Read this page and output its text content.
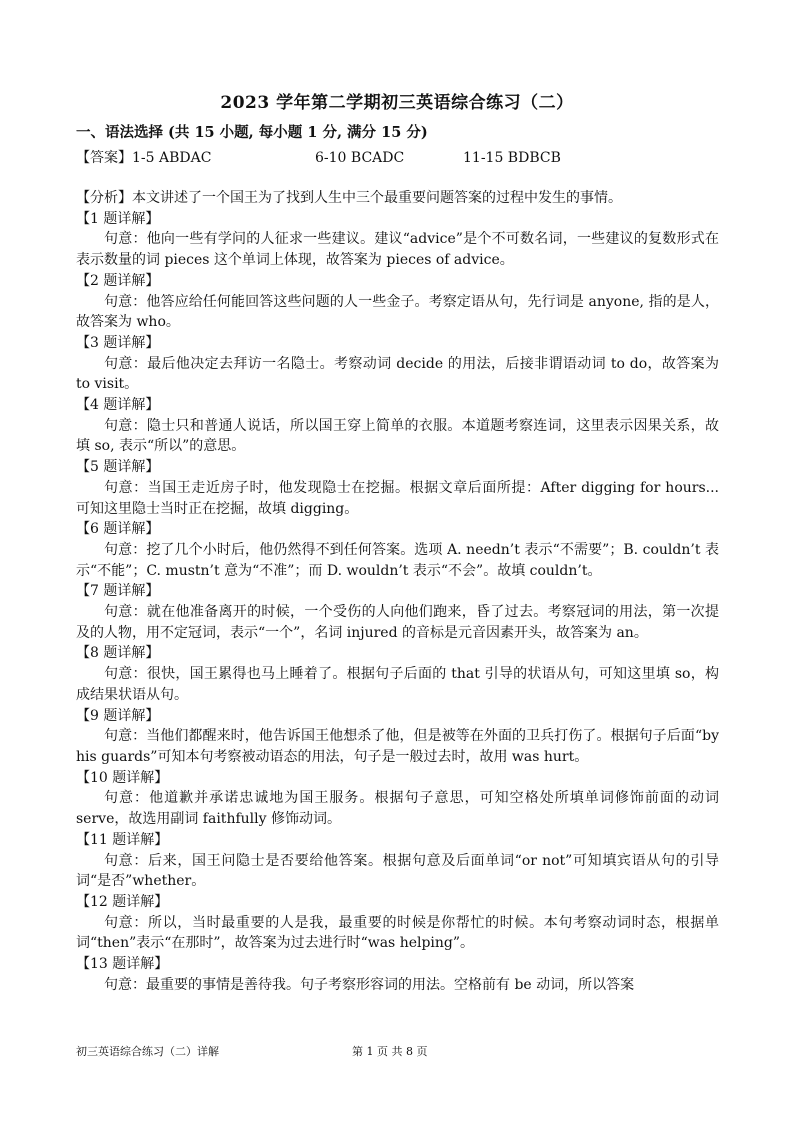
2023 学年第二学期初三英语综合练习（二）
一、语法选择 (共 15 小题, 每小题 1 分, 满分 15 分)
【答案】1-5 ABDAC	6-10 BCADC	11-15 BDBCB

【分析】本文讲述了一个国王为了找到人生中三个最重要问题答案的过程中发生的事情。

【1 题详解】

句意：他向一些有学问的人征求一些建议。建议“advice”是个不可数名词，一些建议的复数形式在表示数量的词 pieces 这个单词上体现，故答案为 pieces of advice。

【2 题详解】

句意：他答应给任何能回答这些问题的人一些金子。考察定语从句，先行词是 anyone, 指的是人，故答案为 who。

【3 题详解】

句意：最后他决定去拜访一名隐士。考察动词 decide 的用法，后接非谓语动词 to do，故答案为 to visit。

【4 题详解】

句意：隐士只和普通人说话，所以国王穿上简单的衣服。本道题考察连词，这里表示因果关系，故填 so, 表示“所以”的意思。

【5 题详解】

句意：当国王走近房子时，他发现隐士在挖掘。根据文章后面所提：After digging for hours... 可知这里隐士当时正在挖掘，故填 digging。

【6 题详解】

句意：挖了几个小时后，他仍然得不到任何答案。选项 A. needn’t 表示“不需要”；B. couldn’t 表示“不能”；C. mustn’t 意为“不准”；而 D. wouldn’t 表示“不会”。故填 couldn’t。

【7 题详解】

句意：就在他准备离开的时候，一个受伤的人向他们跑来，昏了过去。考察冠词的用法，第一次提及的人物，用不定冠词，表示“一个”，名词 injured 的音标是元音因素开头，故答案为 an。

【8 题详解】

句意：很快，国王累得也马上睡着了。根据句子后面的 that 引导的状语从句，可知这里填 so，构成结果状语从句。

【9 题详解】

句意：当他们都醒来时，他告诉国王他想杀了他，但是被等在外面的卫兵打伤了。根据句子后面“by his guards”可知本句考察被动语态的用法，句子是一般过去时，故用 was hurt。

【10 题详解】

句意：他道歉并承诺忠诚地为国王服务。根据句子意思，可知空格处所填单词修饰前面的动词 serve，故选用副词 faithfully 修饰动词。

【11 题详解】

句意：后来，国王问隐士是否要给他答案。根据句意及后面单词“or not”可知填宾语从句的引导词“是否”whether。

【12 题详解】

句意：所以，当时最重要的人是我，最重要的时候是你帮忙的时候。本句考察动词时态，根据单词“then”表示“在那时”，故答案为过去进行时“was helping”。

【13 题详解】

句意：最重要的事情是善待我。句子考察形容词的用法。空格前有 be 动词，所以答案

初三英语综合练习（二）详解	第 1 页 共 8 页
